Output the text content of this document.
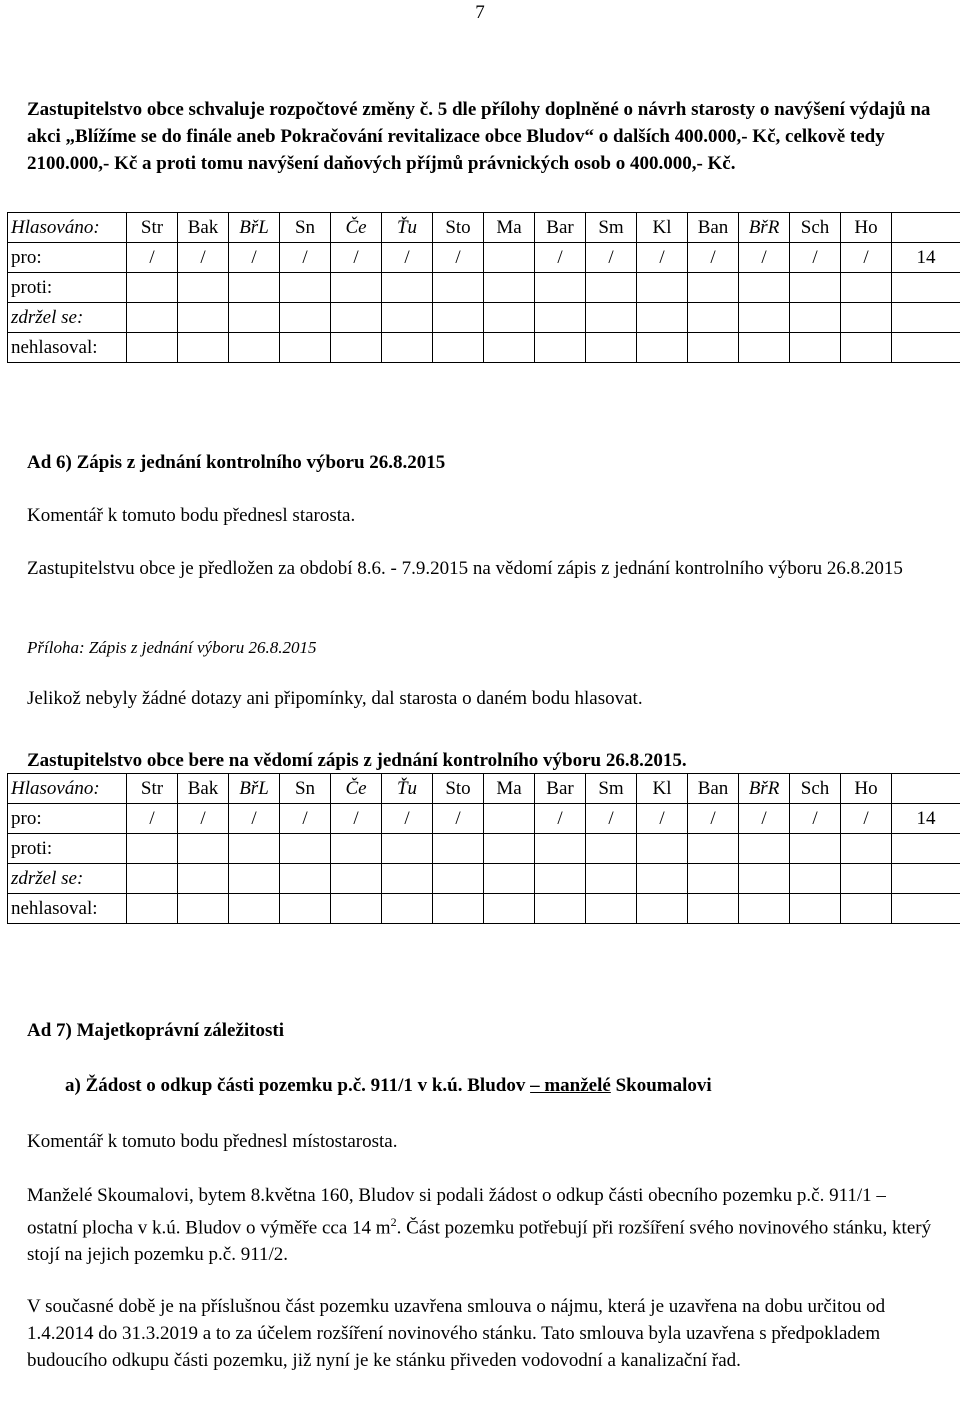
7
Zastupitelstvo obce schvaluje rozpočtové změny č. 5 dle přílohy doplněné o návrh starosty o navýšení výdajů na akci „Blížíme se do finále aneb Pokračování revitalizace obce Bludov“ o dalších 400.000,- Kč, celkově tedy 2100.000,- Kč a proti tomu navýšení daňových příjmů právnických osob o 400.000,- Kč.
Hlasováno:	Str	Bak	BřL	Sn	Če	Ťu	Sto	Ma	Bar	Sm	Kl	Ban	BřR	Sch	Ho	
pro:	/	/	/	/	/	/	/		/	/	/	/	/	/	/	14
proti:																
zdržel se:																
nehlasoval:																
Ad 6) Zápis z jednání kontrolního výboru 26.8.2015
Komentář k tomuto bodu přednesl starosta.
Zastupitelstvu obce je předložen za období 8.6. - 7.9.2015 na vědomí zápis z jednání kontrolního výboru 26.8.2015
Příloha: Zápis z jednání výboru 26.8.2015
Jelikož nebyly žádné dotazy ani připomínky, dal starosta o daném bodu hlasovat.
Zastupitelstvo obce bere na vědomí zápis z jednání kontrolního výboru 26.8.2015.
Hlasováno:	Str	Bak	BřL	Sn	Če	Ťu	Sto	Ma	Bar	Sm	Kl	Ban	BřR	Sch	Ho	
pro:	/	/	/	/	/	/	/		/	/	/	/	/	/	/	14
proti:																
zdržel se:																
nehlasoval:																
Ad 7) Majetkoprávní záležitosti
a) Žádost o odkup části pozemku p.č. 911/1 v k.ú. Bludov – manželé Skoumalovi
Komentář k tomuto bodu přednesl místostarosta.
Manželé Skoumalovi, bytem 8.května 160, Bludov si podali žádost o odkup části obecního pozemku p.č. 911/1 – ostatní plocha v k.ú. Bludov o výměře cca 14 $m^2$. Část pozemku potřebují při rozšíření svého novinového stánku, který stojí na jejich pozemku p.č. 911/2.
V současné době je na příslušnou část pozemku uzavřena smlouva o nájmu, která je uzavřena na dobu určitou od 1.4.2014 do 31.3.2019 a to za účelem rozšíření novinového stánku. Tato smlouva byla uzavřena s předpokladem budoucího odkupu části pozemku, již nyní je ke stánku přiveden vodovodní a kanalizační řad.
